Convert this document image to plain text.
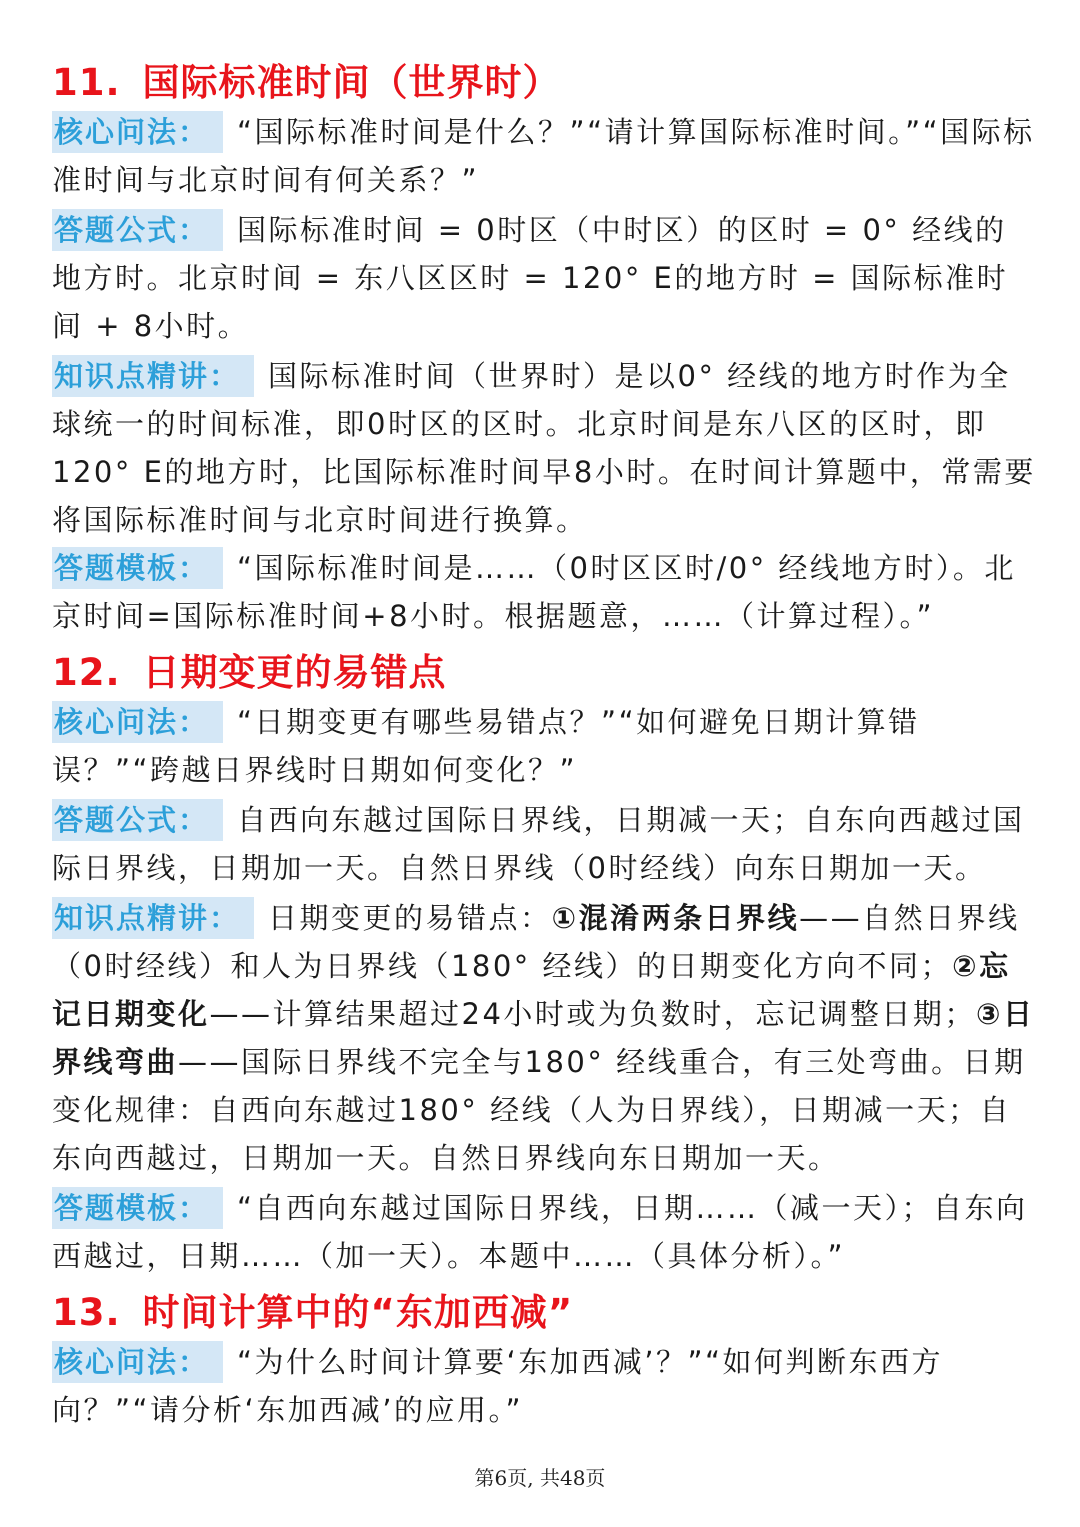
11. 国际标准时间（世界时）
核心问法： “国际标准时间是什么？”“请计算国际标准时间。”“国际标准时间与北京时间有何关系？”
答题公式： 国际标准时间 = 0时区（中时区）的区时 = 0° 经线的地方时。北京时间 = 东八区区时 = 120° E的地方时 = 国际标准时间 + 8小时。
知识点精讲： 国际标准时间（世界时）是以0° 经线的地方时作为全球统一的时间标准，即0时区的区时。北京时间是东八区的区时，即120° E的地方时，比国际标准时间早8小时。在时间计算题中，常需要将国际标准时间与北京时间进行换算。
答题模板： “国际标准时间是……（0时区区时/0° 经线地方时）。北京时间=国际标准时间+8小时。根据题意，……（计算过程）。”
12. 日期变更的易错点
核心问法： “日期变更有哪些易错点？”“如何避免日期计算错误？”“跨越日界线时日期如何变化？”
答题公式： 自西向东越过国际日界线，日期减一天；自东向西越过国际日界线，日期加一天。自然日界线（0时经线）向东日期加一天。
知识点精讲： 日期变更的易错点：①混淆两条日界线——自然日界线（0时经线）和人为日界线（180° 经线）的日期变化方向不同；②忘记日期变化——计算结果超过24小时或为负数时，忘记调整日期；③日界线弯曲——国际日界线不完全与180° 经线重合，有三处弯曲。日期变化规律：自西向东越过180° 经线（人为日界线），日期减一天；自东向西越过，日期加一天。自然日界线向东日期加一天。
答题模板： “自西向东越过国际日界线，日期……（减一天）；自东向西越过，日期……（加一天）。本题中……（具体分析）。”
13. 时间计算中的“东加西减”
核心问法： “为什么时间计算要‘东加西减’？”“如何判断东西方向？”“请分析‘东加西减’的应用。”
第6页, 共48页
